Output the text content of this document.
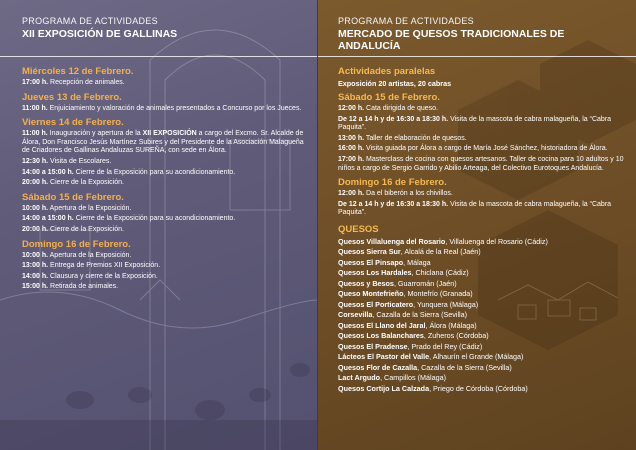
PROGRAMA DE ACTIVIDADES
XII EXPOSICIÓN DE GALLINAS
Miércoles 12 de Febrero.
17:00 h. Recepción de animales.
Jueves 13 de Febrero.
11:00 h. Enjuiciamiento y valoración de animales presentados a Concurso por los Jueces.
Viernes 14 de Febrero.
11:00 h. Inauguración y apertura de la XII EXPOSICIÓN a cargo del Excmo. Sr. Alcalde de Álora, Don Francisco Jesús Martínez Subires y del Presidente de la Asociación Malagueña de Criadores de Gallinas Andaluzas SUREÑA, con sede en Álora.
12:30 h. Visita de Escolares.
14:00 a 15:00 h. Cierre de la Exposición para su acondicionamiento.
20:00 h. Cierre de la Exposición.
Sábado 15 de Febrero.
10:00 h. Apertura de la Exposición.
14:00 a 15:00 h. Cierre de la Exposición para su acondicionamiento.
20:00 h. Cierre de la Exposición.
Domingo 16 de Febrero.
10:00 h. Apertura de la Exposición.
13:00 h. Entrega de Premios XII Exposición.
14:00 h. Clausura y cierre de la Exposición.
15:00 h. Retirada de animales.
PROGRAMA DE ACTIVIDADES
MERCADO DE QUESOS TRADICIONALES DE ANDALUCÍA
Actividades paralelas
Exposición 20 artistas, 20 cabras
Sábado 15 de Febrero.
12:00 h. Cata dirigida de queso.
De 12 a 14 h y de 16:30 a 18:30 h. Visita de la mascota de cabra malagueña, la “Cabra Paquita”.
13:00 h. Taller de elaboración de quesos.
16:00 h. Visita guiada por Álora a cargo de María José Sánchez, historiadora de Álora.
17:00 h. Masterclass de cocina con quesos artesanos. Taller de cocina para 10 adultos y 10 niños a cargo de Sergio Garrido y Abilio Arteaga, del Colectivo Eurotoques Andalucía.
Domingo 16 de Febrero.
12:00 h. Da el biberón a los chivillos.
De 12 a 14 h y de 16:30 a 18:30 h. Visita de la mascota de cabra malagueña, la “Cabra Paquita”.
QUESOS
Quesos Villaluenga del Rosario, Villaluenga del Rosario (Cádiz)
Quesos Sierra Sur, Alcalá de la Real (Jaén)
Quesos El Pinsapo, Málaga
Quesos Los Hardales, Chiclana (Cádiz)
Quesos y Besos, Guarromán (Jaén)
Queso Montefrieño, Montefrío (Granada)
Quesos El Porticatero, Yunquera (Málaga)
Corsevilla, Cazalla de la Sierra (Sevilla)
Quesos El Llano del Jaral, Álora (Málaga)
Quesos Los Balanchares, Zuheros (Córdoba)
Quesos El Pradense, Prado del Rey (Cádiz)
Lácteos El Pastor del Valle, Alhaurín el Grande (Málaga)
Quesos Flor de Cazalla, Cazalla de la Sierra (Sevilla)
Lact Argudo, Campillos (Málaga)
Quesos Cortijo La Calzada, Priego de Córdoba (Córdoba)
